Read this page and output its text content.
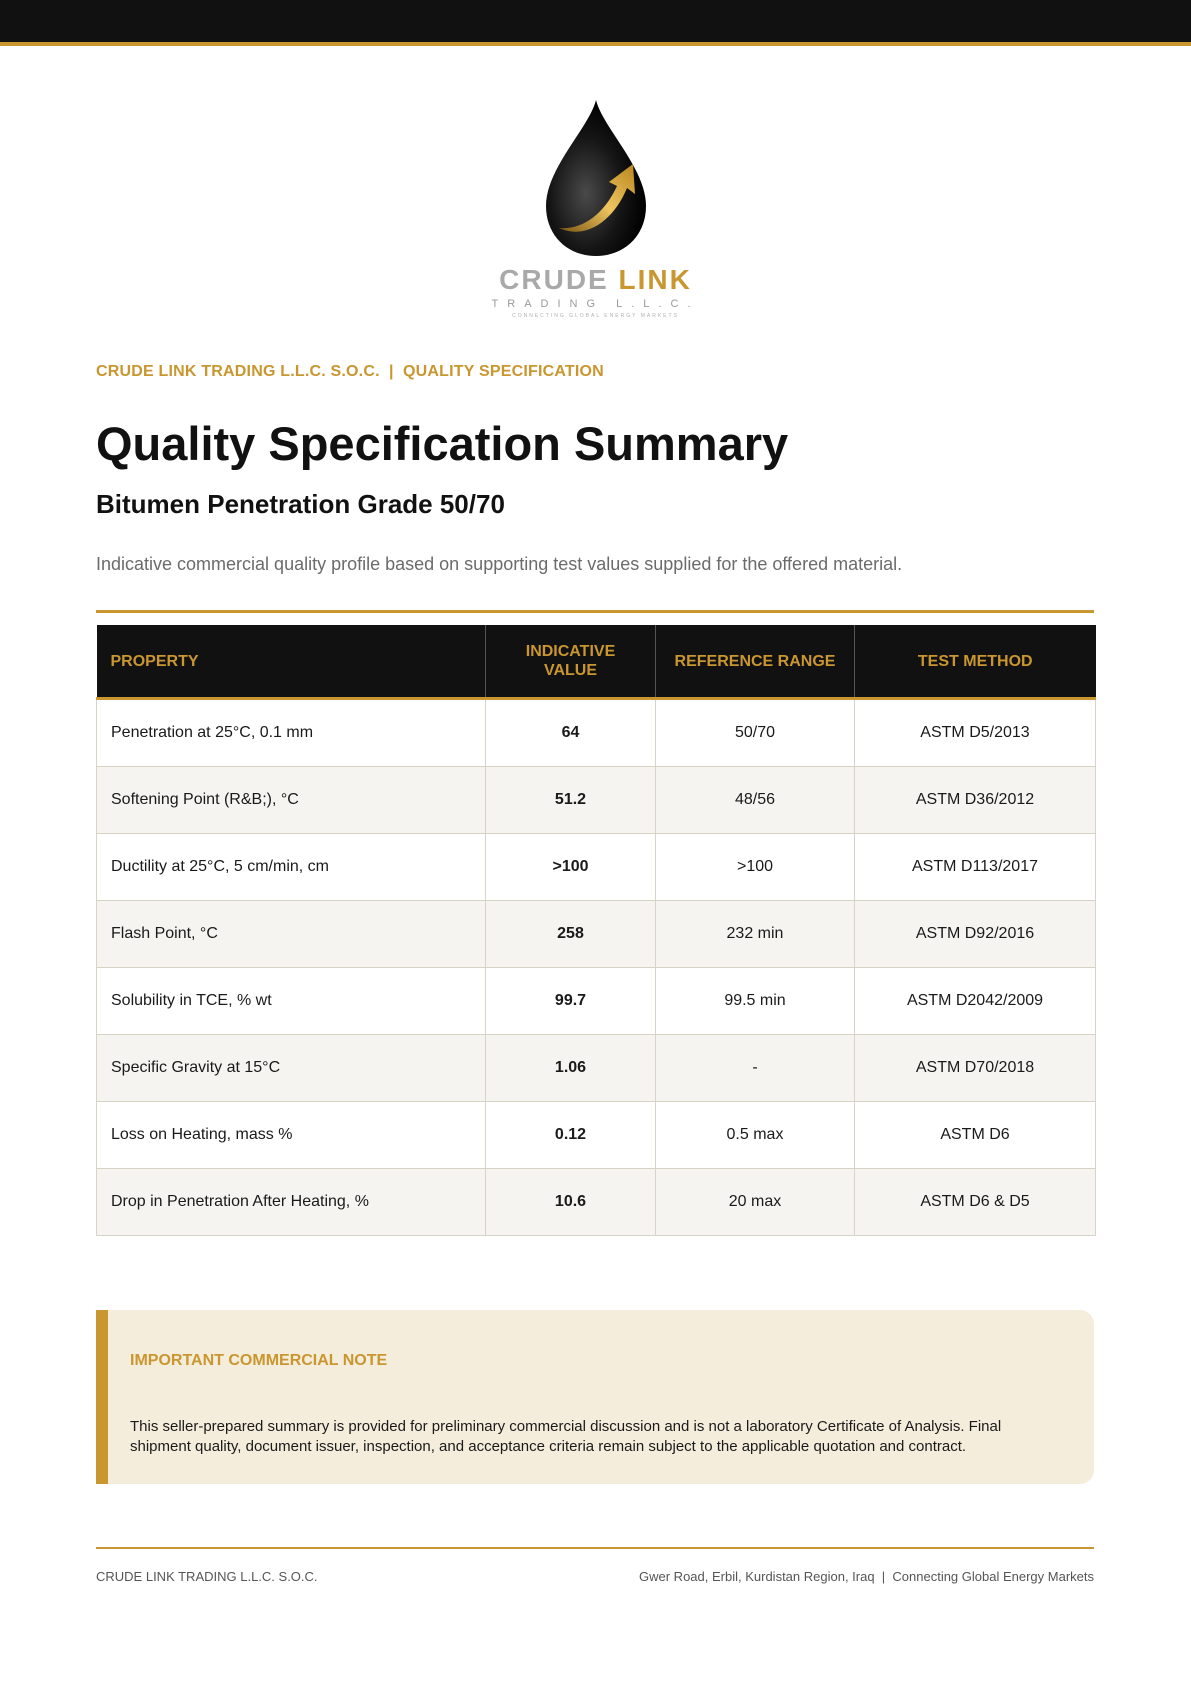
CRUDE LINK
TRADING L.L.C.
CONNECTING GLOBAL ENERGY MARKETS
CRUDE LINK TRADING L.L.C. S.O.C.  |  QUALITY SPECIFICATION
Quality Specification Summary
Bitumen Penetration Grade 50/70

Indicative commercial quality profile based on supporting test values supplied for the offered material.

PROPERTY	INDICATIVE VALUE	REFERENCE RANGE	TEST METHOD
Penetration at 25°C, 0.1 mm	64	50/70	ASTM D5/2013
Softening Point (R&B;), °C	51.2	48/56	ASTM D36/2012
Ductility at 25°C, 5 cm/min, cm	>100	>100	ASTM D113/2017
Flash Point, °C	258	232 min	ASTM D92/2016
Solubility in TCE, % wt	99.7	99.5 min	ASTM D2042/2009
Specific Gravity at 15°C	1.06	-	ASTM D70/2018
Loss on Heating, mass %	0.12	0.5 max	ASTM D6
Drop in Penetration After Heating, %	10.6	20 max	ASTM D6 & D5
IMPORTANT COMMERCIAL NOTE

This seller-prepared summary is provided for preliminary commercial discussion and is not a laboratory Certificate of Analysis. Final shipment quality, document issuer, inspection, and acceptance criteria remain subject to the applicable quotation and contract.

CRUDE LINK TRADING L.L.C. S.O.C.	Gwer Road, Erbil, Kurdistan Region, Iraq  |  Connecting Global Energy Markets
